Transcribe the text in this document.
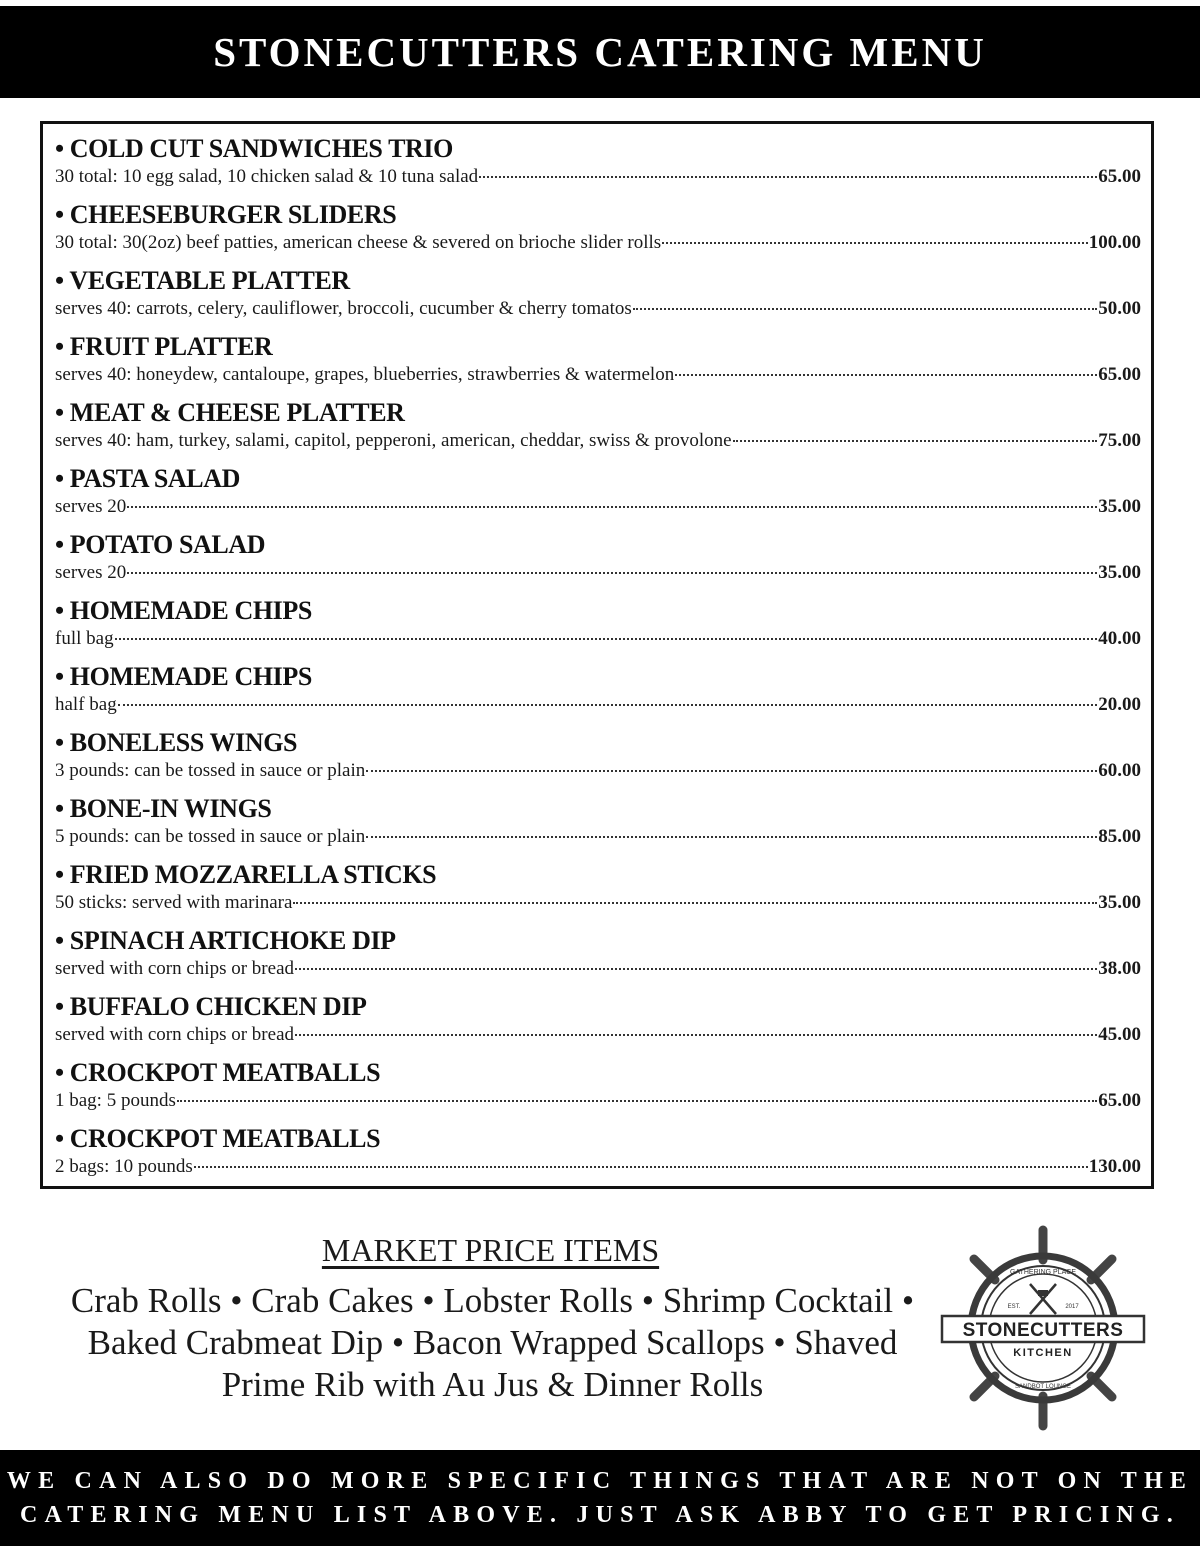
STONECUTTERS CATERING MENU
• COLD CUT SANDWICHES TRIO
30 total: 10 egg salad, 10 chicken salad & 10 tuna salad	65.00
• CHEESEBURGER SLIDERS
30 total: 30(2oz) beef patties, american cheese & severed on brioche slider rolls	100.00
• VEGETABLE PLATTER
serves 40: carrots, celery, cauliflower, broccoli, cucumber & cherry tomatos	50.00
• FRUIT PLATTER
serves 40: honeydew, cantaloupe, grapes, blueberries, strawberries & watermelon	65.00
• MEAT & CHEESE PLATTER
serves 40: ham, turkey, salami, capitol, pepperoni, american, cheddar, swiss & provolone	75.00
• PASTA SALAD
serves 20	35.00
• POTATO SALAD
serves 20	35.00
• HOMEMADE CHIPS
full bag	40.00
• HOMEMADE CHIPS
half bag	20.00
• BONELESS WINGS
3 pounds: can be tossed in sauce or plain	60.00
• BONE-IN WINGS
5 pounds: can be tossed in sauce or plain	85.00
• FRIED MOZZARELLA STICKS
50 sticks: served with marinara	35.00
• SPINACH ARTICHOKE DIP
served with corn chips or bread	38.00
• BUFFALO CHICKEN DIP
served with corn chips or bread	45.00
• CROCKPOT MEATBALLS
1 bag: 5 pounds	65.00
• CROCKPOT MEATBALLS
2 bags: 10 pounds	130.00
MARKET PRICE ITEMS
Crab Rolls • Crab Cakes • Lobster Rolls • Shrimp Cocktail • Baked Crabmeat Dip • Bacon Wrapped Scallops • Shaved Prime Rib with Au Jus & Dinner Rolls
GATHERING PLACE
EST.	2017
STONECUTTERS
KITCHEN
SANDBOT LOUNGE
WE CAN ALSO DO MORE SPECIFIC THINGS THAT ARE NOT ON THE
CATERING MENU LIST ABOVE. JUST ASK ABBY TO GET PRICING.
